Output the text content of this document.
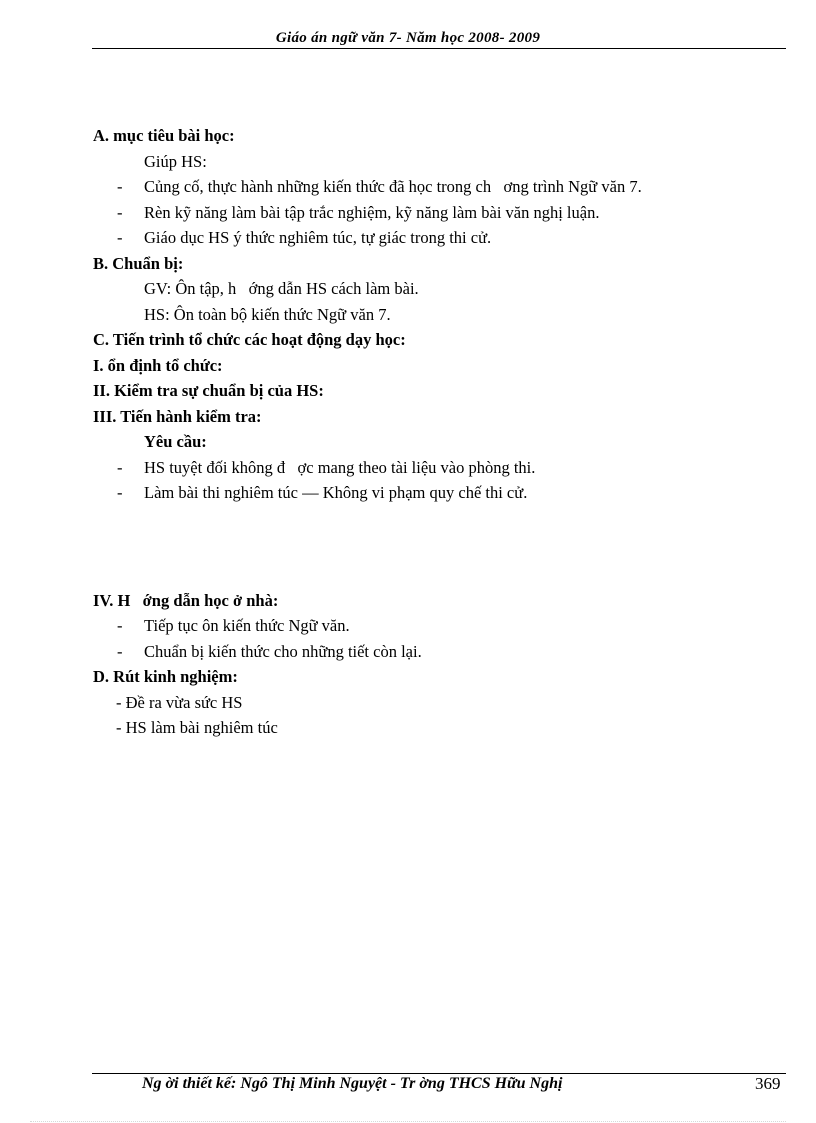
Giáo án ngữ văn 7- Năm học 2008- 2009
A. mục tiêu bài học:
Giúp HS:
- Củng cố, thực hành những kiến thức đã học trong ch   ơng trình Ngữ văn 7.
- Rèn kỹ năng làm bài tập trắc nghiệm, kỹ năng làm bài văn nghị luận.
- Giáo dục HS ý thức nghiêm túc, tự giác trong thi cử.
B. Chuẩn bị:
GV: Ôn tập, h   ớng dẫn HS cách làm bài.
HS: Ôn toàn bộ kiến thức Ngữ văn 7.
C. Tiến trình tổ chức các hoạt động dạy học:
I. ổn định tổ chức:
II. Kiểm tra sự chuẩn bị của HS:
III. Tiến hành kiểm tra:
Yêu cầu:
- HS tuyệt đối không đ   ợc mang theo tài liệu vào phòng thi.
- Làm bài thi nghiêm túc — Không vi phạm quy chế thi cử.
IV. H   ớng dẫn học ở nhà:
- Tiếp tục ôn kiến thức Ngữ văn.
- Chuẩn bị kiến thức cho những tiết còn lại.
D. Rút kinh nghiệm:
- Đề ra vừa sức HS
- HS làm bài nghiêm túc
Ng ời thiết kế: Ngô Thị Minh Nguyệt - Tr ờng THCS Hữu Nghị	369
